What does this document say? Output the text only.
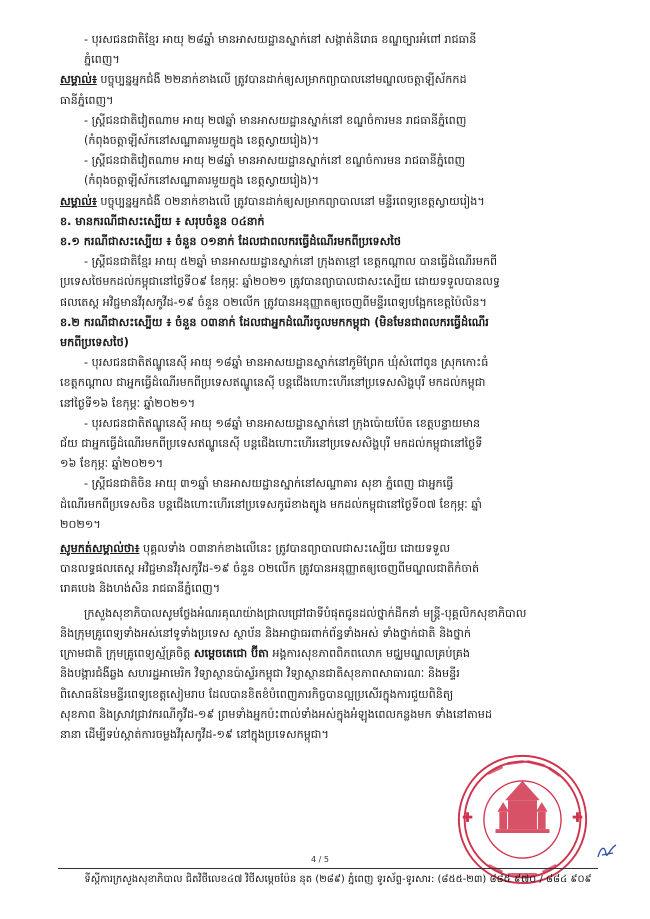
- បុរសជនជាតិខ្មែរ អាយុ ២៨ឆ្នាំ មានអាសយដ្ឋានស្នាក់នៅ សង្កាត់និរោធ ខណ្ឌច្បារអំពៅ រាជធានី

ភ្នំពេញ។

សម្គាល់៖ បច្ចុប្បន្នអ្នកជំងឺ ២២នាក់ខាងលើ ត្រូវបានដាក់ឲ្យសម្រាកព្យាបាលនៅមណ្ឌលចត្តាឡីស័កកដ

ធានីភ្នំពេញ។

- ស្ត្រីជនជាតិវៀតណាម អាយុ ២៧ឆ្នាំ មានអាសយដ្ឋានស្នាក់នៅ ខណ្ឌចំការមន រាជធានីភ្នំពេញ

(កំពុងចត្តាឡីស័កនៅសណ្ឋាគារមួយក្នុង ខេត្តស្វាយរៀង)។

- ស្ត្រីជនជាតិវៀតណាម អាយុ ២៨ឆ្នាំ មានអាសយដ្ឋានស្នាក់នៅ ខណ្ឌចំការមន រាជធានីភ្នំពេញ

(កំពុងចត្តាឡីស័កនៅសណ្ឋាគារមួយក្នុង ខេត្តស្វាយរៀង)។

សម្គាល់៖ បច្ចុប្បន្នអ្នកជំងឺ ០២នាក់ខាងលើ ត្រូវបានដាក់ឲ្យសម្រាកព្យាបាលនៅ មន្ទីរពេទ្យខេត្តស្វាយរៀង។

ខ. មានករណីជាសះស្បើយ ៖ សរុបចំនួន ០៤នាក់

ខ.១ ករណីជាសះស្បើយ ៖ ចំនួន ០១នាក់ ដែលជាពលករធ្វើដំណើរមកពីប្រទេសថៃ

- ស្ត្រីជនជាតិខ្មែរ អាយុ ៥២ឆ្នាំ មានអាសយដ្ឋានស្នាក់នៅ ក្រុងតាខ្មៅ ខេត្តកណ្ដាល បានធ្វើដំណើរមកពី

ប្រទេសថៃមកដល់កម្ពុជានៅថ្ងៃទី០៩ ខែកុម្ភៈ ឆ្នាំ២០២១ ត្រូវបានព្យាបាលជាសះស្បើយ ដោយទទួលបានលទ្ធ

ផលតេស្ត អវិជ្ជមានវីរុសកូវីដ-១៩ ចំនួន ០២លើក ត្រូវបានអនុញ្ញាតឲ្យចេញពីមន្ទីរពេទ្យបង្អែកខេត្តប៉ៃលិន។

ខ.២ ករណីជាសះស្បើយ ៖ ចំនួន ០៣នាក់ ដែលជាអ្នកដំណើរចូលមកកម្ពុជា (មិនមែនជាពលករធ្វើដំណើរ

មកពីប្រទេសថៃ)

- បុរសជនជាតិឥណ្ឌូនេស៊ី អាយុ ១៨ឆ្នាំ មានអាសយដ្ឋានស្នាក់នៅភូមិព្រែក ឃុំសំពៅពូន ស្រុកកោះធំ

ខេត្តកណ្ដាល ជាអ្នកធ្វើដំណើរមកពីប្រទេសឥណ្ឌូនេស៊ី បន្តជើងហោះហើរនៅប្រទេសសិង្ហបុរី មកដល់កម្ពុជា

នៅថ្ងៃទី១៦ ខែកុម្ភៈ ឆ្នាំ២០២១។

- បុរសជនជាតិឥណ្ឌូនេស៊ី អាយុ ១៨ឆ្នាំ មានអាសយដ្ឋានស្នាក់នៅ ក្រុងប៉ោយប៉ែត ខេត្តបន្ទាយមាន

ជ័យ ជាអ្នកធ្វើដំណើរមកពីប្រទេសឥណ្ឌូនេស៊ី បន្តជើងហោះហើរនៅប្រទេសសិង្ហបុរី មកដល់កម្ពុជានៅថ្ងៃទី

១៦ ខែកុម្ភៈ ឆ្នាំ២០២១។

- ស្ត្រីជនជាតិចិន អាយុ ៣១ឆ្នាំ មានអាសយដ្ឋានស្នាក់នៅសណ្ឋាគារ សុខា ភ្នំពេញ ជាអ្នកធ្វើ

ដំណើរមកពីប្រទេសចិន បន្តជើងហោះហើរនៅប្រទេសកូរ៉េខាងត្បូង មកដល់កម្ពុជានៅថ្ងៃទី០៧ ខែកុម្ភៈ ឆ្នាំ

២០២១។

សូមកត់សម្គាល់ថា៖ បុគ្គលទាំង ០៣នាក់ខាងលើនេះ ត្រូវបានព្យាបាលជាសះស្បើយ ដោយទទួល

បានលទ្ធផលតេស្ត អវិជ្ជមានវីរុសកូវីដ-១៩ ចំនួន ០២លើក ត្រូវបានអនុញ្ញាតឲ្យចេញពីមណ្ឌលជាតិកំចាត់

រោគបេង និងហង់សិន រាជធានីភ្នំពេញ។

ក្រសួងសុខាភិបាលសូមថ្លែងអំណរគុណយ៉ាងជ្រាលជ្រៅជាទីបំផុតជូនដល់ថ្នាក់ដឹកនាំ មន្ត្រី-បុគ្គលិកសុខាភិបាល

និងក្រុមគ្រូពេទ្យទាំងអស់នៅទូទាំងប្រទេស ស្ថាប័ន និងអាជ្ញាធរពាក់ព័ន្ធទាំងអស់ ទាំងថ្នាក់ជាតិ និងថ្នាក់

ក្រោមជាតិ ក្រុមគ្រូពេទ្យស្ម័គ្រចិត្ត សម្ដេចតេជោ ប៊ីតា អង្គការសុខភាពពិភពលោក មជ្ឈមណ្ឌលគ្រប់គ្រង

និងបង្ការជំងឺឆ្លង សហរដ្ឋអាមេរិក វិទ្យាស្ថានប៉ាស្ទ័រកម្ពុជា វិទ្យាស្ថានជាតិសុខភាពសាធារណៈ និងមន្ទីរ

ពិសោធន៍នៃមន្ទីរពេទ្យខេត្តសៀមរាប ដែលបានខិតខំបំពេញភារកិច្ចបានល្អប្រសើរក្នុងការជួយពិនិត្យ

សុខភាព និងស្រាវជ្រាវករណីកូវីដ-១៩ ព្រមទាំងអ្នកប៉ះពាល់ទាំងអស់ក្នុងអំឡុងពេលកន្លងមក ទាំងនៅតាមដ

នានា ដើម្បីទប់ស្កាត់ការចម្លងវីរុសកូវីដ-១៩ នៅក្នុងប្រទេសកម្ពុជា។

4 / 5
ទីស្តីការក្រសួងសុខាភិបាល ជិតវិថីលេខ៤៧ វិថីសម្តេចប៉ែន នុត (២៨៩) ភ្នំពេញ ទូរស័ព្ទ-ទូរសារ: (៨៥៥-២៣) ៨៨៥ ៩៧០ / ៨៨៤ ៩០៩
